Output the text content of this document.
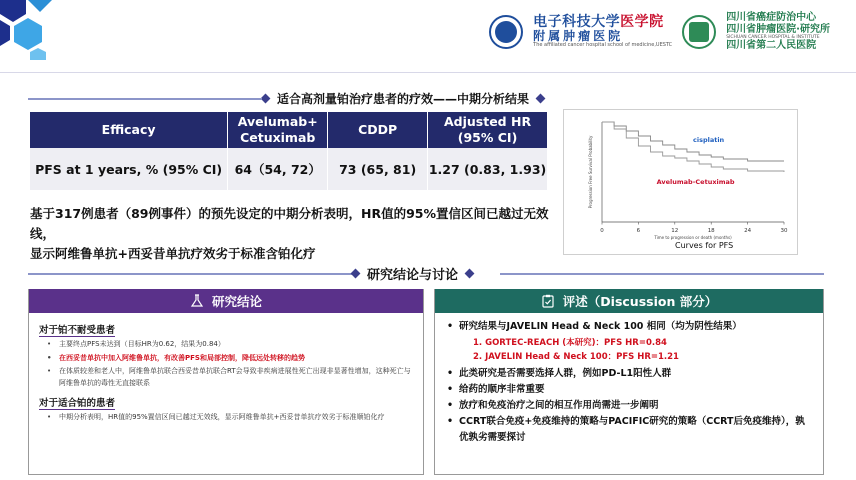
电子科技大学医学院
附属肿瘤医院
The affiliated cancer hospital school of medicine,UESTC
四川省癌症防治中心
四川省肿瘤医院·研究所
SICHUAN CANCER HOSPITAL & INSTITUTE
四川省第二人民医院
适合高剂量铂治疗患者的疗效——中期分析结果
Efficacy	Avelumab+ Cetuximab	CDDP	Adjusted HR (95% CI)
PFS at 1 years, % (95% CI)	64（54, 72）	73 (65, 81)	1.27 (0.83, 1.93)
基于317例患者（89例事件）的预先设定的中期分析表明，HR值的95%置信区间已越过无效线，
显示阿维鲁单抗+西妥昔单抗疗效劣于标准含铂化疗
0	6	12	18	24	30
Time to progression or death (months)
Progression Free Survival Probability	cisplatin
Avelumab-Cetuximab
Curves for PFS
研究结论与讨论
研究结论
对于铂不耐受患者
• 主要终点PFS未达到（目标HR为0.62，结果为0.84）
• 在西妥昔单抗中加入阿维鲁单抗，有改善PFS和局部控制，降低远处转移的趋势
• 在体质较差和老人中，阿维鲁单抗联合西妥昔单抗联合RT会导致非疾病进展性死亡出现非显著性增加，这种死亡与阿维鲁单抗的毒性无直接联系
对于适合铂的患者
• 中期分析表明，HR值的95%置信区间已越过无效线，显示阿维鲁单抗+西妥昔单抗疗效劣于标准顺铂化疗
评述（Discussion 部分）
• 研究结果与JAVELIN Head & Neck 100 相同（均为阴性结果）
1. GORTEC-REACH (本研究)：PFS HR=0.84
2. JAVELIN Head & Neck 100：PFS HR=1.21
• 此类研究是否需要选择人群，例如PD-L1阳性人群
• 给药的顺序非常重要
• 放疗和免疫治疗之间的相互作用尚需进一步阐明
• CCRT联合免疫+免疫维持的策略与PACIFIC研究的策略（CCRT后免疫维持），孰优孰劣需要探讨
